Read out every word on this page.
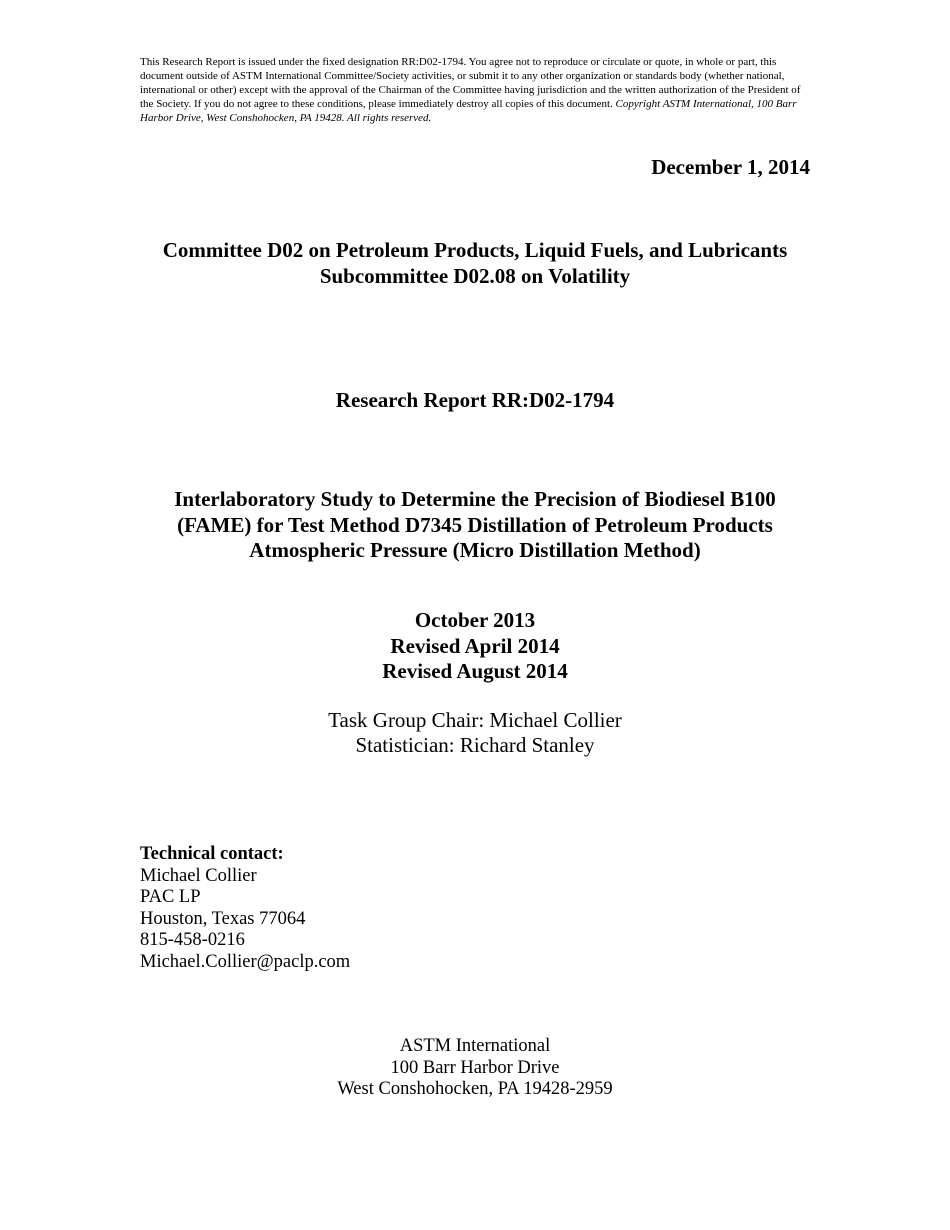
This Research Report is issued under the fixed designation RR:D02-1794. You agree not to reproduce or circulate or quote, in whole or part, this document outside of ASTM International Committee/Society activities, or submit it to any other organization or standards body (whether national, international or other) except with the approval of the Chairman of the Committee having jurisdiction and the written authorization of the President of the Society. If you do not agree to these conditions, please immediately destroy all copies of this document. Copyright ASTM International, 100 Barr Harbor Drive, West Conshohocken, PA 19428. All rights reserved.
December 1, 2014
Committee D02 on Petroleum Products, Liquid Fuels, and Lubricants
Subcommittee D02.08 on Volatility
Research Report RR:D02-1794
Interlaboratory Study to Determine the Precision of Biodiesel B100
(FAME) for Test Method D7345 Distillation of Petroleum Products
Atmospheric Pressure (Micro Distillation Method)
October 2013
Revised April 2014
Revised August 2014
Task Group Chair: Michael Collier
Statistician: Richard Stanley
Technical contact:
Michael Collier
PAC LP
Houston, Texas 77064
815-458-0216
Michael.Collier@paclp.com
ASTM International
100 Barr Harbor Drive
West Conshohocken, PA 19428-2959
